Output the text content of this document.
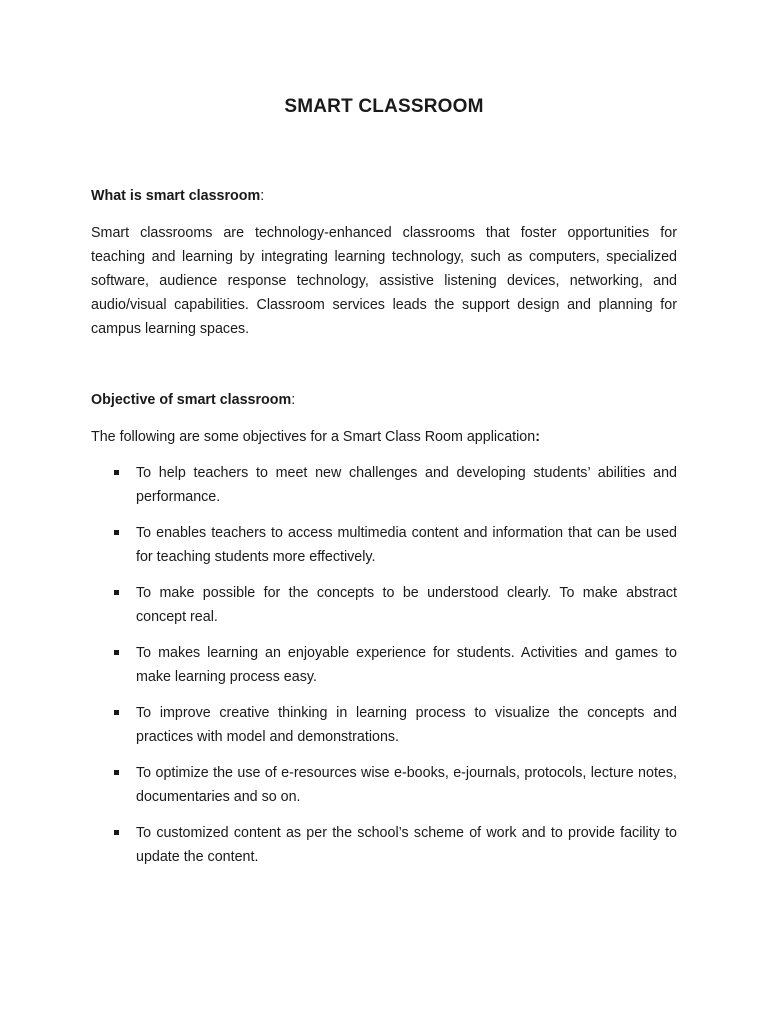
SMART CLASSROOM

What is smart classroom:

Smart classrooms are technology-enhanced classrooms that foster opportunities for teaching and learning by integrating learning technology, such as computers, specialized software, audience response technology, assistive listening devices, networking, and audio/visual capabilities. Classroom services leads the support design and planning for campus learning spaces.

Objective of smart classroom:

The following are some objectives for a Smart Class Room application:

To help teachers to meet new challenges and developing students’ abilities and performance.
To enables teachers to access multimedia content and information that can be used for teaching students more effectively.
To make possible for the concepts to be understood clearly. To make abstract concept real.
To makes learning an enjoyable experience for students. Activities and games to make learning process easy.
To improve creative thinking in learning process to visualize the concepts and practices with model and demonstrations.
To optimize the use of e-resources wise e-books, e-journals, protocols, lecture notes, documentaries and so on.
To customized content as per the school’s scheme of work and to provide facility to update the content.
